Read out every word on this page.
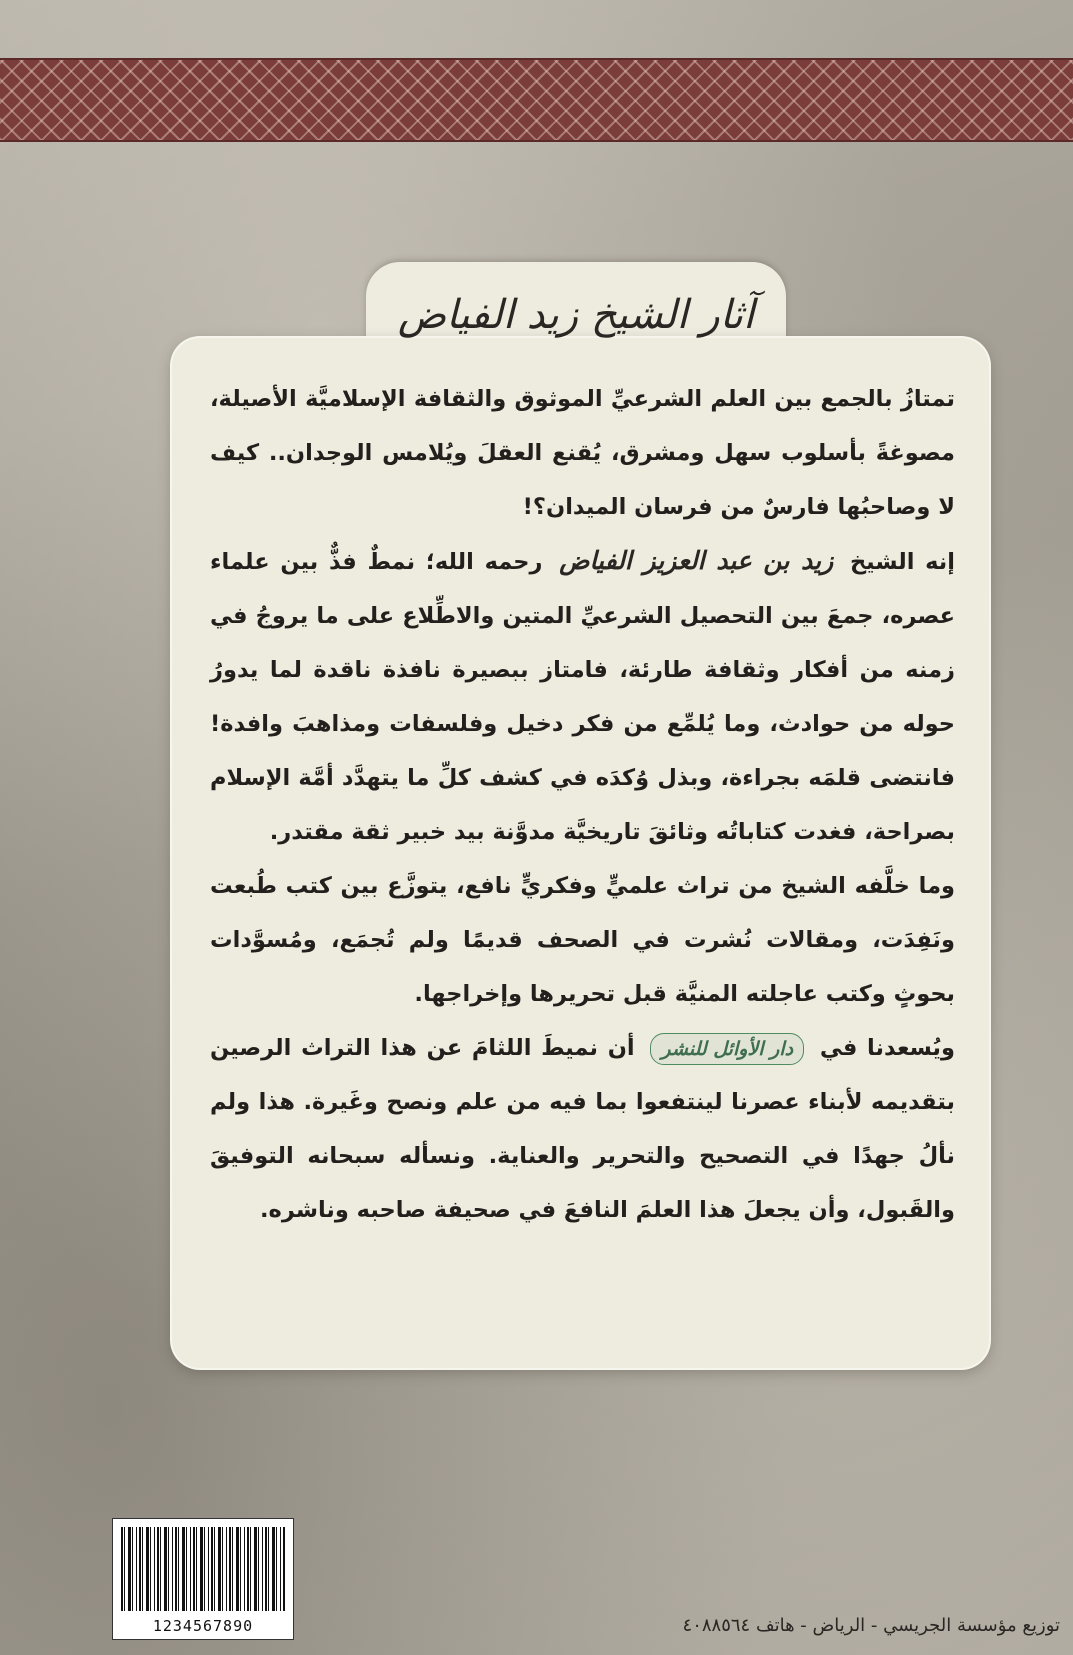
آثار الشيخ زيد الفياض

تمتازُ بالجمع بين العلم الشرعيِّ الموثوق والثقافة الإسلاميَّة الأصيلة، مصوغةً بأسلوب سهل ومشرق، يُقنع العقلَ ويُلامس الوجدان.. كيف لا وصاحبُها فارسٌ من فرسان الميدان؟!

إنه الشيخ زيد بن عبد العزيز الفياض رحمه الله؛ نمطٌ فذٌّ بين علماء عصره، جمعَ بين التحصيل الشرعيِّ المتين والاطِّلاع على ما يروجُ في زمنه من أفكار وثقافة طارئة، فامتاز ببصيرة نافذة ناقدة لما يدورُ حوله من حوادث، وما يُلمِّع من فكر دخيل وفلسفات ومذاهبَ وافدة! فانتضى قلمَه بجراءة، وبذل وُكدَه في كشف كلِّ ما يتهدَّد أمَّة الإسلام بصراحة، فغدت كتاباتُه وثائقَ تاريخيَّة مدوَّنة بيد خبير ثقة مقتدر.

وما خلَّفه الشيخ من تراث علميٍّ وفكريٍّ نافع، يتوزَّع بين كتب طُبعت ونَفِدَت، ومقالات نُشرت في الصحف قديمًا ولم تُجمَع، ومُسوَّدات بحوثٍ وكتب عاجلته المنيَّة قبل تحريرها وإخراجها.

ويُسعدنا في دار الأوائل للنشر أن نميطَ اللثامَ عن هذا التراث الرصين بتقديمه لأبناء عصرنا لينتفعوا بما فيه من علم ونصح وغَيرة. هذا ولم نألُ جهدًا في التصحيح والتحرير والعناية. ونسأله سبحانه التوفيقَ والقَبول، وأن يجعلَ هذا العلمَ النافعَ في صحيفة صاحبه وناشره.

1234567890	توزيع مؤسسة الجريسي - الرياض - هاتف ٤٠٨٨٥٦٤
